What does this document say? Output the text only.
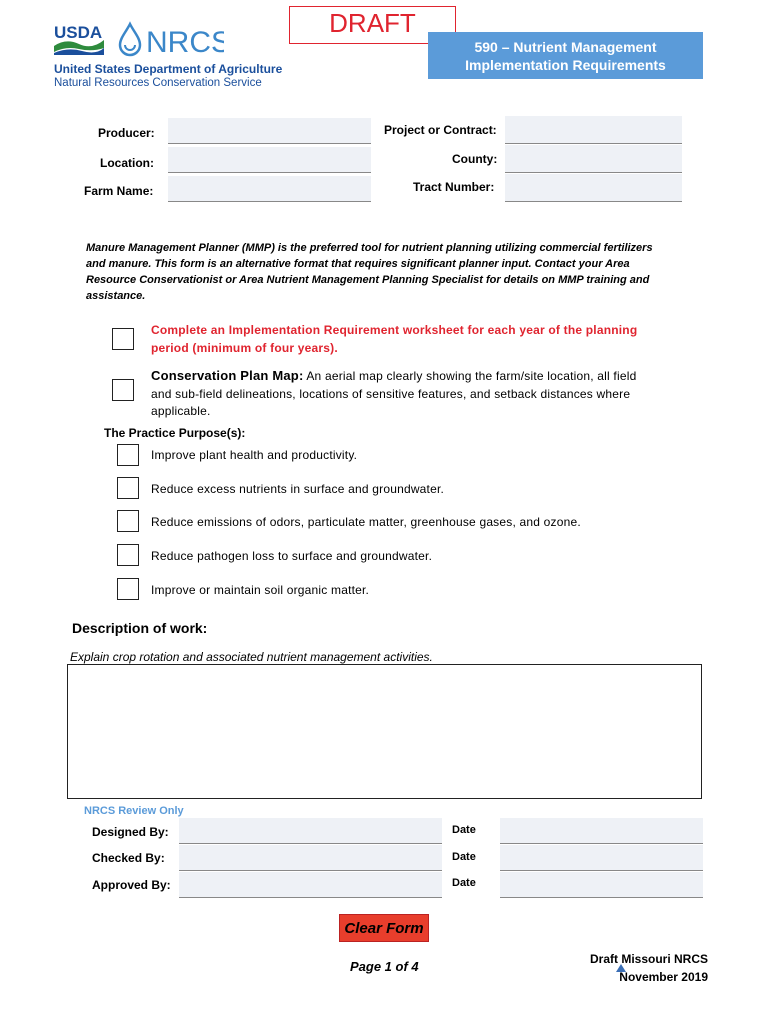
USDA NRCS
United States Department of Agriculture
Natural Resources Conservation Service
DRAFT
590 – Nutrient Management
Implementation Requirements
Producer:
Location:
Farm Name:
Project or Contract:
County:
Tract Number:
Manure Management Planner (MMP) is the preferred tool for nutrient planning utilizing commercial fertilizers and manure. This form is an alternative format that requires significant planner input. Contact your Area Resource Conservationist or Area Nutrient Management Planning Specialist for details on MMP training and assistance.
Complete an Implementation Requirement worksheet for each year of the planning
period (minimum of four years).
Conservation Plan Map: An aerial map clearly showing the farm/site location, all field
and sub-field delineations, locations of sensitive features, and setback distances where
applicable.
The Practice Purpose(s):
Improve plant health and productivity.
Reduce excess nutrients in surface and groundwater.
Reduce emissions of odors, particulate matter, greenhouse gases, and ozone.
Reduce pathogen loss to surface and groundwater.
Improve or maintain soil organic matter.
Description of work:
Explain crop rotation and associated nutrient management activities.
NRCS Review Only
Designed By:	Date
Checked By:	Date
Approved By:	Date
Clear Form
Page 1 of 4	Draft Missouri NRCS
November 2019
